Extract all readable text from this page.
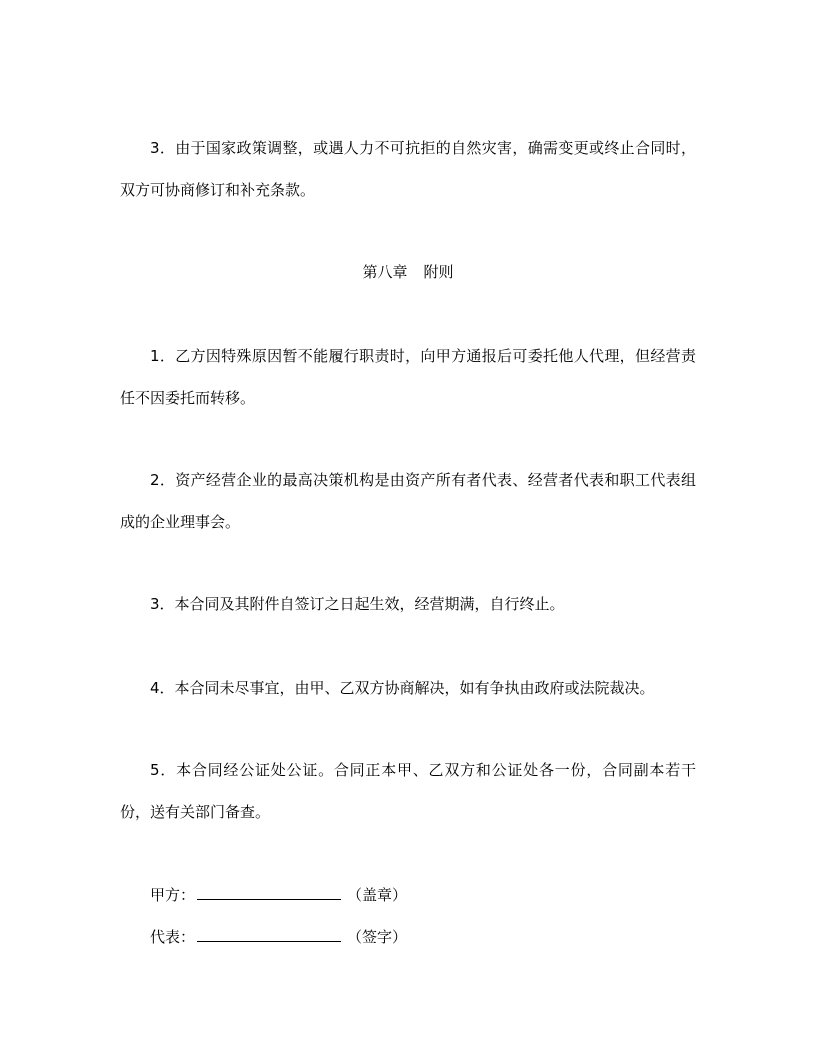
3．由于国家政策调整，或遇人力不可抗拒的自然灾害，确需变更或终止合同时，双方可协商修订和补充条款。

第八章 附则

1．乙方因特殊原因暂不能履行职责时，向甲方通报后可委托他人代理，但经营责任不因委托而转移。

2．资产经营企业的最高决策机构是由资产所有者代表、经营者代表和职工代表组成的企业理事会。

3．本合同及其附件自签订之日起生效，经营期满，自行终止。

4．本合同未尽事宜，由甲、乙双方协商解决，如有争执由政府或法院裁决。

5．本合同经公证处公证。合同正本甲、乙双方和公证处各一份，合同副本若干份，送有关部门备查。

甲方：	（盖章）
代表：	（签字）
